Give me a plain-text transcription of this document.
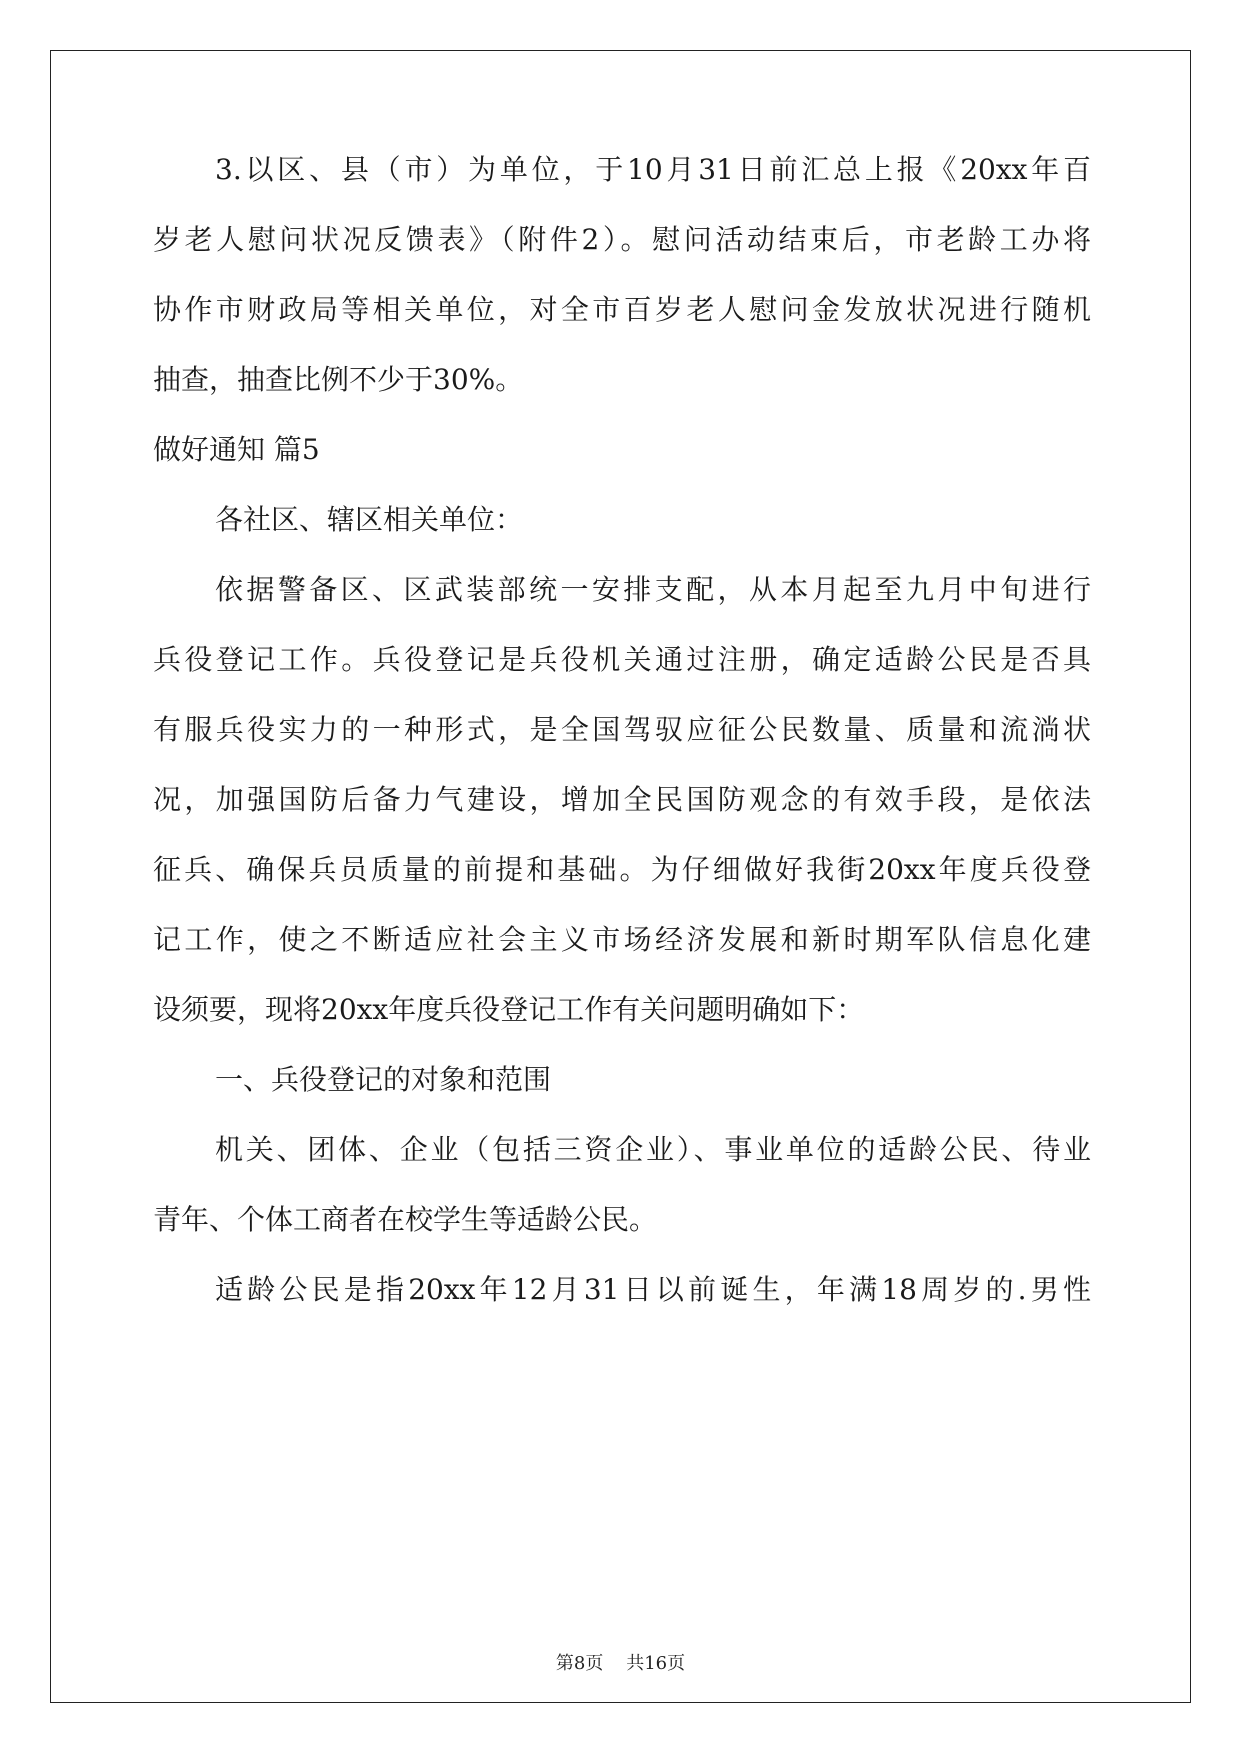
3.以区、县（市）为单位，于10月31日前汇总上报《20xx年百
岁老人慰问状况反馈表》（附件2）。慰问活动结束后，市老龄工办将
协作市财政局等相关单位，对全市百岁老人慰问金发放状况进行随机
抽查，抽查比例不少于30%。
做好通知 篇5
各社区、辖区相关单位：
依据警备区、区武装部统一安排支配，从本月起至九月中旬进行
兵役登记工作。兵役登记是兵役机关通过注册，确定适龄公民是否具
有服兵役实力的一种形式，是全国驾驭应征公民数量、质量和流淌状
况，加强国防后备力气建设，增加全民国防观念的有效手段，是依法
征兵、确保兵员质量的前提和基础。为仔细做好我街20xx年度兵役登
记工作，使之不断适应社会主义市场经济发展和新时期军队信息化建
设须要，现将20xx年度兵役登记工作有关问题明确如下：
一、兵役登记的对象和范围
机关、团体、企业（包括三资企业）、事业单位的适龄公民、待业
青年、个体工商者在校学生等适龄公民。
适龄公民是指20xx年12月31日以前诞生，年满18周岁的.男性
第8页    共16页
